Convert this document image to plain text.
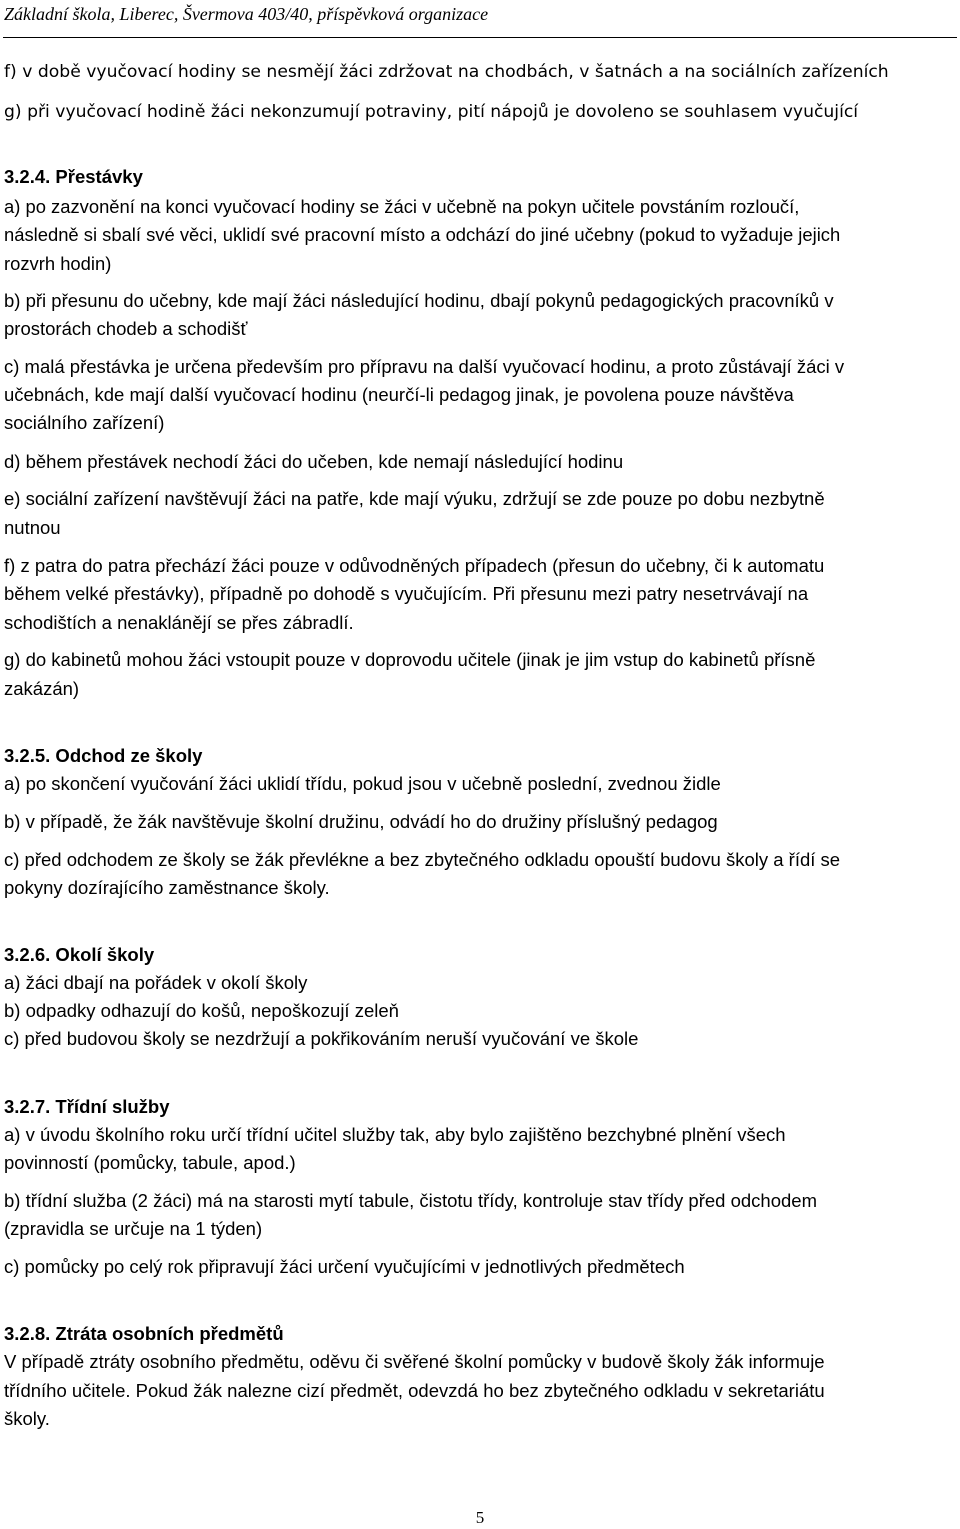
Základní škola, Liberec, Švermova 403/40, příspěvková organizace
f) v době vyučovací hodiny se nesmějí žáci zdržovat na chodbách, v šatnách a na sociálních zařízeních
g) při vyučovací hodině žáci nekonzumují potraviny, pití nápojů je dovoleno se souhlasem vyučující
3.2.4. Přestávky
a) po zazvonění na konci vyučovací hodiny se žáci v učebně na pokyn učitele povstáním rozloučí,
následně si sbalí své věci, uklidí své pracovní místo a odchází do jiné učebny (pokud to vyžaduje jejich
rozvrh hodin)
b) při přesunu do učebny, kde mají žáci následující hodinu, dbají pokynů pedagogických pracovníků v
prostorách chodeb a schodišť
c) malá přestávka je určena především pro přípravu na další vyučovací hodinu, a proto zůstávají žáci v
učebnách, kde mají další vyučovací hodinu (neurčí-li pedagog jinak, je povolena pouze návštěva
sociálního zařízení)
d) během přestávek nechodí žáci do učeben, kde nemají následující hodinu
e) sociální zařízení navštěvují žáci na patře, kde mají výuku, zdržují se zde pouze po dobu nezbytně
nutnou
f) z patra do patra přechází žáci pouze v odůvodněných případech (přesun do učebny, či k automatu
během velké přestávky), případně po dohodě s vyučujícím. Při přesunu mezi patry nesetrvávají na
schodištích a nenaklánějí se přes zábradlí.
g) do kabinetů mohou žáci vstoupit pouze v doprovodu učitele (jinak je jim vstup do kabinetů přísně
zakázán)
3.2.5. Odchod ze školy
a) po skončení vyučování žáci uklidí třídu, pokud jsou v učebně poslední, zvednou židle
b) v případě, že žák navštěvuje školní družinu, odvádí ho do družiny příslušný pedagog
c) před odchodem ze školy se žák převlékne a bez zbytečného odkladu opouští budovu školy a řídí se
pokyny dozírajícího zaměstnance školy.
3.2.6. Okolí školy
a) žáci dbají na pořádek v okolí školy
b) odpadky odhazují do košů, nepoškozují zeleň
c) před budovou školy se nezdržují a pokřikováním neruší vyučování ve škole
3.2.7. Třídní služby
a) v úvodu školního roku určí třídní učitel služby tak, aby bylo zajištěno bezchybné plnění všech
povinností (pomůcky, tabule, apod.)
b) třídní služba (2 žáci) má na starosti mytí tabule, čistotu třídy, kontroluje stav třídy před odchodem
(zpravidla se určuje na 1 týden)
c) pomůcky po celý rok připravují žáci určení vyučujícími v jednotlivých předmětech
3.2.8. Ztráta osobních předmětů
V případě ztráty osobního předmětu, oděvu či svěřené školní pomůcky v budově školy žák informuje
třídního učitele. Pokud žák nalezne cizí předmět, odevzdá ho bez zbytečného odkladu v sekretariátu
školy.
5
